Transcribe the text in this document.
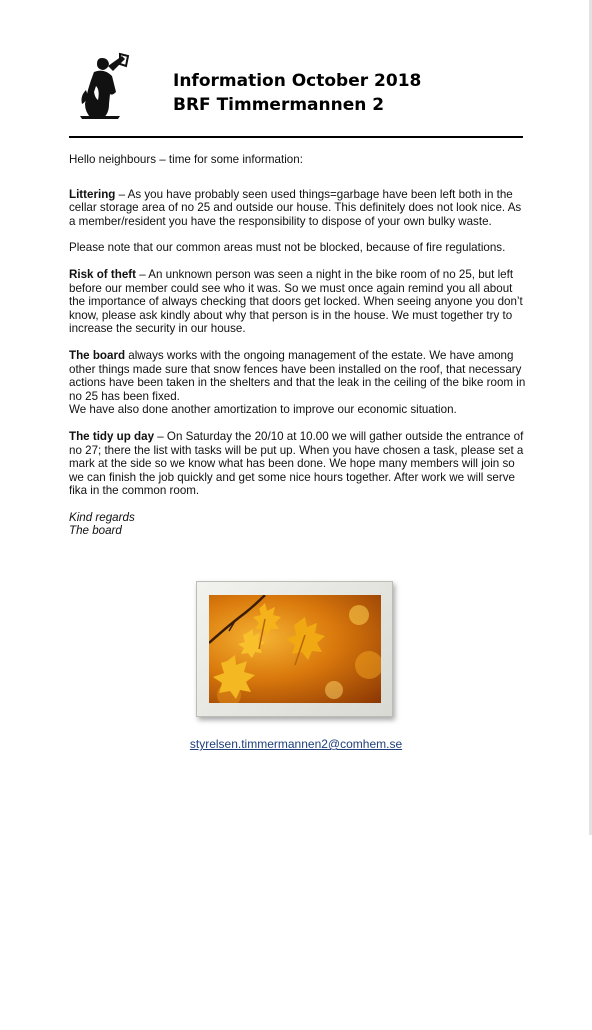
Information October 2018
BRF Timmermannen 2

Hello neighbours – time for some information:

Littering – As you have probably seen used things=garbage have been left both in the cellar storage area of no 25 and outside our house. This definitely does not look nice. As a member/resident you have the responsibility to dispose of your own bulky waste.

Please note that our common areas must not be blocked, because of fire regulations.

Risk of theft – An unknown person was seen a night in the bike room of no 25, but left before our member could see who it was. So we must once again remind you all about the importance of always checking that doors get locked. When seeing anyone you don’t know, please ask kindly about why that person is in the house. We must together try to increase the security in our house.

The board always works with the ongoing management of the estate. We have among other things made sure that snow fences have been installed on the roof, that necessary actions have been taken in the shelters and that the leak in the ceiling of the bike room in no 25 has been fixed.

We have also done another amortization to improve our economic situation.

The tidy up day – On Saturday the 20/10 at 10.00 we will gather outside the entrance of no 27; there the list with tasks will be put up. When you have chosen a task, please set a mark at the side so we know what has been done. We hope many members will join so we can finish the job quickly and get some nice hours together. After work we will serve fika in the common room.

Kind regards

The board

styrelsen.timmermannen2@comhem.se
